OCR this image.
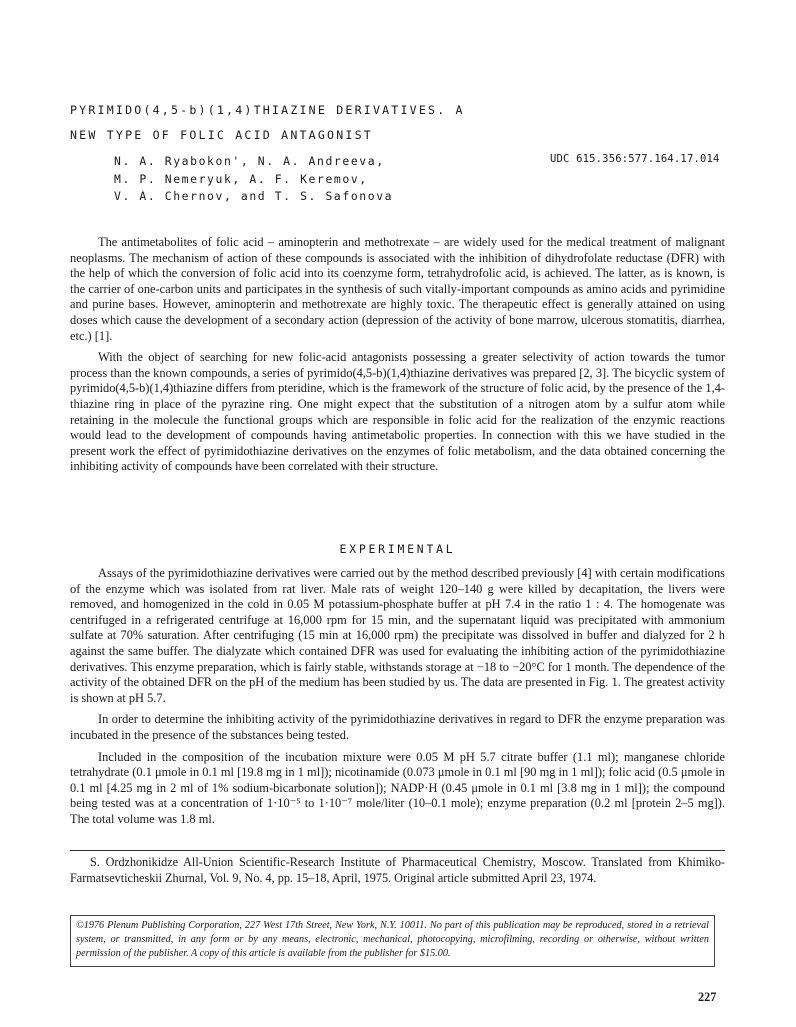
PYRIMIDO(4,5-b)(1,4)THIAZINE DERIVATIVES. A
NEW TYPE OF FOLIC ACID ANTAGONIST
N. A. Ryabokon', N. A. Andreeva,
M. P. Nemeryuk, A. F. Keremov,
V. A. Chernov, and T. S. Safonova
UDC 615.356:577.164.17.014

The antimetabolites of folic acid – aminopterin and methotrexate – are widely used for the medical treatment of malignant neoplasms. The mechanism of action of these compounds is associated with the inhibition of dihydrofolate reductase (DFR) with the help of which the conversion of folic acid into its coenzyme form, tetrahydrofolic acid, is achieved. The latter, as is known, is the carrier of one-carbon units and participates in the synthesis of such vitally-important compounds as amino acids and pyrimidine and purine bases. However, aminopterin and methotrexate are highly toxic. The therapeutic effect is generally attained on using doses which cause the development of a secondary action (depression of the activity of bone marrow, ulcerous stomatitis, diarrhea, etc.) [1].

With the object of searching for new folic-acid antagonists possessing a greater selectivity of action towards the tumor process than the known compounds, a series of pyrimido(4,5-b)(1,4)thiazine derivatives was prepared [2, 3]. The bicyclic system of pyrimido(4,5-b)(1,4)thiazine differs from pteridine, which is the framework of the structure of folic acid, by the presence of the 1,4-thiazine ring in place of the pyrazine ring. One might expect that the substitution of a nitrogen atom by a sulfur atom while retaining in the molecule the functional groups which are responsible in folic acid for the realization of the enzymic reactions would lead to the development of compounds having antimetabolic properties. In connection with this we have studied in the present work the effect of pyrimidothiazine derivatives on the enzymes of folic metabolism, and the data obtained concerning the inhibiting activity of compounds have been correlated with their structure.

EXPERIMENTAL

Assays of the pyrimidothiazine derivatives were carried out by the method described previously [4] with certain modifications of the enzyme which was isolated from rat liver. Male rats of weight 120–140 g were killed by decapitation, the livers were removed, and homogenized in the cold in 0.05 M potassium-phosphate buffer at pH 7.4 in the ratio 1 : 4. The homogenate was centrifuged in a refrigerated centrifuge at 16,000 rpm for 15 min, and the supernatant liquid was precipitated with ammonium sulfate at 70% saturation. After centrifuging (15 min at 16,000 rpm) the precipitate was dissolved in buffer and dialyzed for 2 h against the same buffer. The dialyzate which contained DFR was used for evaluating the inhibiting action of the pyrimidothiazine derivatives. This enzyme preparation, which is fairly stable, withstands storage at −18 to −20°C for 1 month. The dependence of the activity of the obtained DFR on the pH of the medium has been studied by us. The data are presented in Fig. 1. The greatest activity is shown at pH 5.7.

In order to determine the inhibiting activity of the pyrimidothiazine derivatives in regard to DFR the enzyme preparation was incubated in the presence of the substances being tested.

Included in the composition of the incubation mixture were 0.05 M pH 5.7 citrate buffer (1.1 ml); manganese chloride tetrahydrate (0.1 μmole in 0.1 ml [19.8 mg in 1 ml]); nicotinamide (0.073 μmole in 0.1 ml [90 mg in 1 ml]); folic acid (0.5 μmole in 0.1 ml [4.25 mg in 2 ml of 1% sodium-bicarbonate solution]); NADP·H (0.45 μmole in 0.1 ml [3.8 mg in 1 ml]); the compound being tested was at a concentration of 1·10⁻⁵ to 1·10⁻⁷ mole/liter (10–0.1 mole); enzyme preparation (0.2 ml [protein 2–5 mg]). The total volume was 1.8 ml.

S. Ordzhonikidze All-Union Scientific-Research Institute of Pharmaceutical Chemistry, Moscow. Translated from Khimiko-Farmatsevticheskii Zhurnal, Vol. 9, No. 4, pp. 15–18, April, 1975. Original article submitted April 23, 1974.

©1976 Plenum Publishing Corporation, 227 West 17th Street, New York, N.Y. 10011. No part of this publication may be reproduced, stored in a retrieval system, or transmitted, in any form or by any means, electronic, mechanical, photocopying, microfilming, recording or otherwise, without written permission of the publisher. A copy of this article is available from the publisher for $15.00.

227
